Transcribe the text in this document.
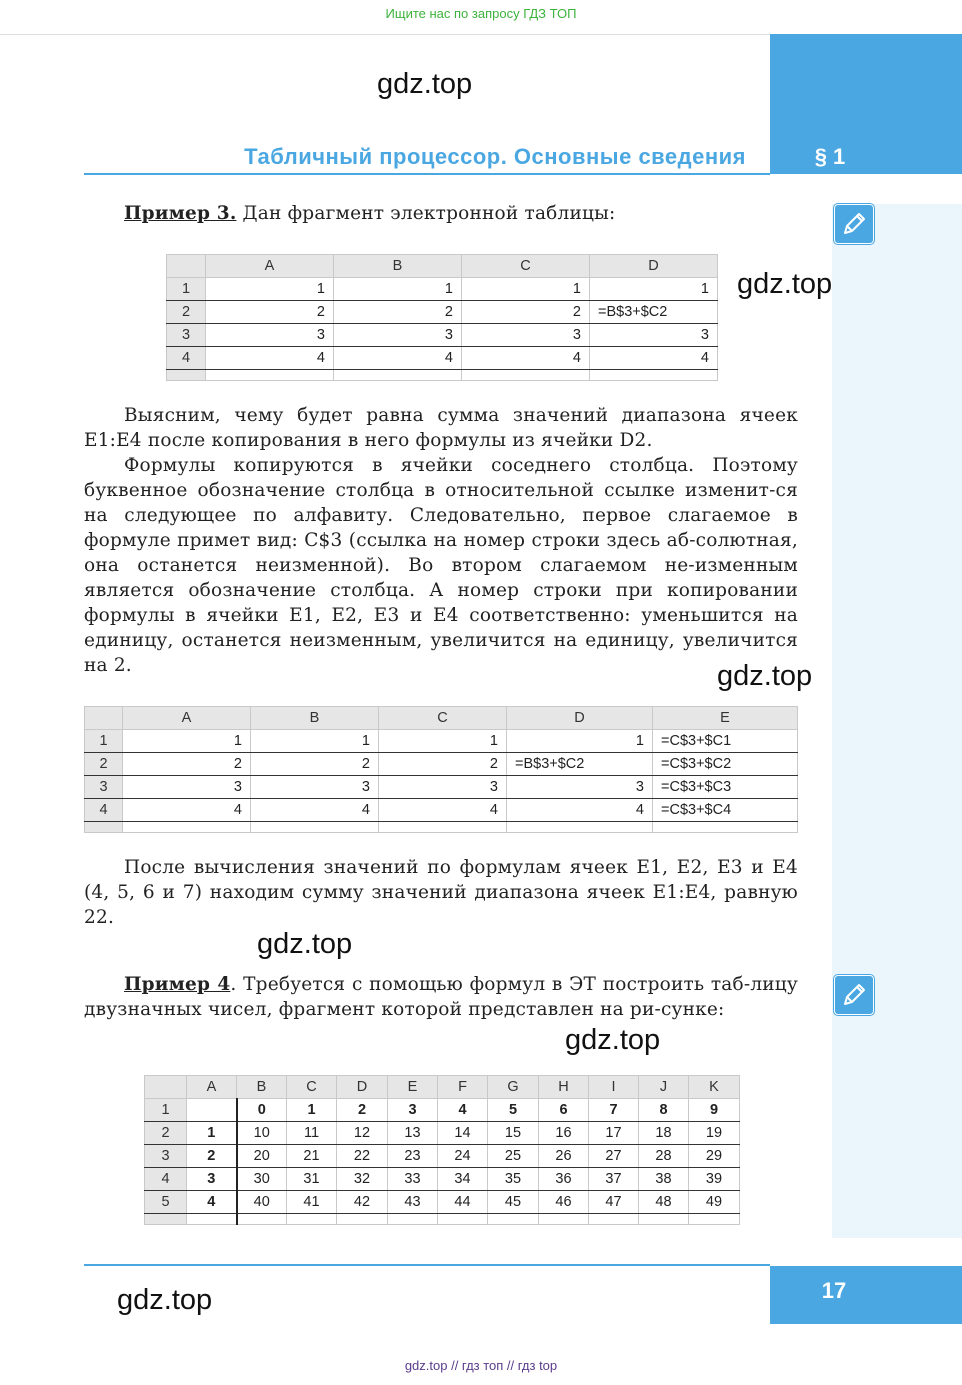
Ищите нас по запросу ГДЗ ТОП
gdz.top
Табличный процессор. Основные сведения	§ 1
Пример 3. Дан фрагмент электронной таблицы:
	A	B	C	D
1	1	1	1	1
2	2	2	2	=B$3+$C2
3	3	3	3	3
4	4	4	4	4

gdz.top

Выясним, чему будет равна сумма значений диапазона ячеек E1:E4 после копирования в него формулы из ячейки D2.

Формулы копируются в ячейки соседнего столбца. Поэтому буквенное обозначение столбца в относительной ссылке изменит-ся на следующее по алфавиту. Следовательно, первое слагаемое в формуле примет вид: C$3 (ссылка на номер строки здесь аб-солютная, она останется неизменной). Во втором слагаемом не-изменным является обозначение столбца. А номер строки при копировании формулы в ячейки E1, E2, E3 и E4 соответственно: уменьшится на единицу, останется неизменным, увеличится на единицу, увеличится на 2.	gdz.top
	A	B	C	D	E
1	1	1	1	1	=C$3+$C1
2	2	2	2	=B$3+$C2	=C$3+$C2
3	3	3	3	3	=C$3+$C3
4	4	4	4	4	=C$3+$C4

После вычисления значений по формулам ячеек E1, E2, E3 и E4 (4, 5, 6 и 7) находим сумму значений диапазона ячеек E1:E4, равную 22.

gdz.top
Пример 4. Требуется с помощью формул в ЭТ построить таб-лицу двузначных чисел, фрагмент которой представлен на ри-сунке:
gdz.top
	A	B	C	D	E	F	G	H	I	J	K
1		0	1	2	3	4	5	6	7	8	9
2	1	10	11	12	13	14	15	16	17	18	19
3	2	20	21	22	23	24	25	26	27	28	29
4	3	30	31	32	33	34	35	36	37	38	39
5	4	40	41	42	43	44	45	46	47	48	49

17
gdz.top
gdz.top // гдз топ // гдз top
